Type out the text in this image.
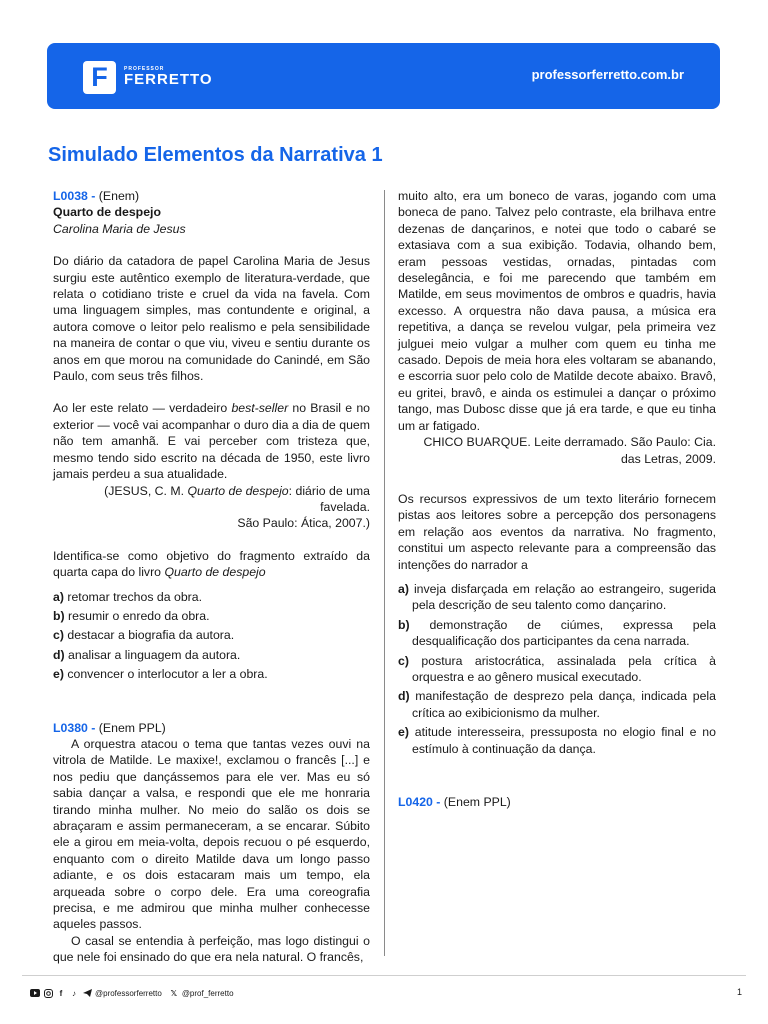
F	PROFESSOR
FERRETTO	professorferretto.com.br
Simulado Elementos da Narrativa 1
L0038 - (Enem)
Quarto de despejo
Carolina Maria de Jesus

Do diário da catadora de papel Carolina Maria de Jesus surgiu este autêntico exemplo de literatura-verdade, que relata o cotidiano triste e cruel da vida na favela. Com uma linguagem simples, mas contundente e original, a autora comove o leitor pelo realismo e pela sensibilidade na maneira de contar o que viu, viveu e sentiu durante os anos em que morou na comunidade do Canindé, em São Paulo, com seus três filhos.

Ao ler este relato — verdadeiro best-seller no Brasil e no exterior — você vai acompanhar o duro dia a dia de quem não tem amanhã. E vai perceber com tristeza que, mesmo tendo sido escrito na década de 1950, este livro jamais perdeu a sua atualidade.

(JESUS, C. M. Quarto de despejo: diário de uma favelada.

São Paulo: Ática, 2007.)

Identifica-se como objetivo do fragmento extraído da quarta capa do livro Quarto de despejo

a) retomar trechos da obra.
b) resumir o enredo da obra.
c) destacar a biografia da autora.
d) analisar a linguagem da autora.
e) convencer o interlocutor a ler a obra.
L0380 - (Enem PPL)

A orquestra atacou o tema que tantas vezes ouvi na vitrola de Matilde. Le maxixe!, exclamou o francês [...] e nos pediu que dançássemos para ele ver. Mas eu só sabia dançar a valsa, e respondi que ele me honraria tirando minha mulher. No meio do salão os dois se abraçaram e assim permaneceram, a se encarar. Súbito ele a girou em meia-volta, depois recuou o pé esquerdo, enquanto com o direito Matilde dava um longo passo adiante, e os dois estacaram mais um tempo, ela arqueada sobre o corpo dele. Era uma coreografia precisa, e me admirou que minha mulher conhecesse aqueles passos.

O casal se entendia à perfeição, mas logo distingui o que nele foi ensinado do que era nela natural. O francês,

muito alto, era um boneco de varas, jogando com uma boneca de pano. Talvez pelo contraste, ela brilhava entre dezenas de dançarinos, e notei que todo o cabaré se extasiava com a sua exibição. Todavia, olhando bem, eram pessoas vestidas, ornadas, pintadas com deselegância, e foi me parecendo que também em Matilde, em seus movimentos de ombros e quadris, havia excesso. A orquestra não dava pausa, a música era repetitiva, a dança se revelou vulgar, pela primeira vez julguei meio vulgar a mulher com quem eu tinha me casado. Depois de meia hora eles voltaram se abanando, e escorria suor pelo colo de Matilde decote abaixo. Bravô, eu gritei, bravô, e ainda os estimulei a dançar o próximo tango, mas Dubosc disse que já era tarde, e que eu tinha um ar fatigado.

CHICO BUARQUE. Leite derramado. São Paulo: Cia. das Letras, 2009.

Os recursos expressivos de um texto literário fornecem pistas aos leitores sobre a percepção dos personagens em relação aos eventos da narrativa. No fragmento, constitui um aspecto relevante para a compreensão das intenções do narrador a

a) inveja disfarçada em relação ao estrangeiro, sugerida pela descrição de seu talento como dançarino.
b) demonstração de ciúmes, expressa pela desqualificação dos participantes da cena narrada.
c) postura aristocrática, assinalada pela crítica à orquestra e ao gênero musical executado.
d) manifestação de desprezo pela dança, indicada pela crítica ao exibicionismo da mulher.
e) atitude interesseira, pressuposta no elogio final e no estímulo à continuação da dança.
L0420 - (Enem PPL)
f	♪	@professorferretto 𝕏 @prof_ferretto	1
